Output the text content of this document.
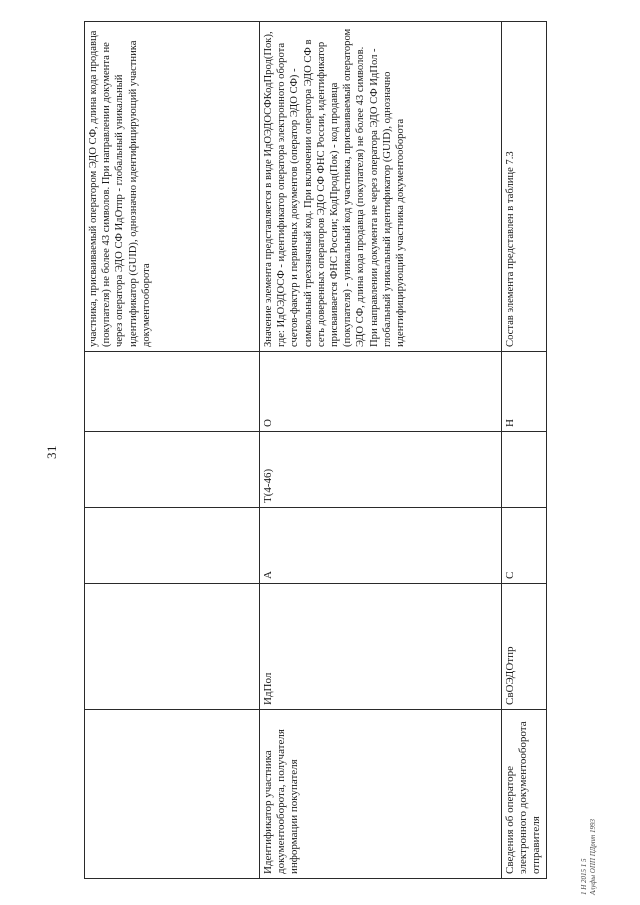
31
					участника, присваиваемый оператором ЭДО СФ, длина кода продавца (покупателя) не более 43 символов. При направлении документа не через оператора ЭДО СФ ИдОтпр - глобальный уникальный идентификатор (GUID), однозначно идентифицирующий участника документооборота
Идентификатор участника документооборота, получателя информации покупателя	ИдПол	А	Т(4-46)	О	Значение элемента представляется в виде ИдОЭДОСФКодПрод(Пок), где: ИдОЭДОСФ - идентификатор оператора электронного оборота счетов-фактур и первичных документов (оператор ЭДО СФ) - символьный трехзначный код. При включении оператора ЭДО СФ в сеть доверенных операторов ЭДО СФ ФНС России, идентификатор присваивается ФНС России; КодПрод(Пок) - код продавца (покупателя) - уникальный код участника, присваиваемый оператором ЭДО СФ, длина кода продавца (покупателя) не более 43 символов. При направлении документа не через оператора ЭДО СФ ИдПол - глобальный уникальный идентификатор (GUID), однозначно идентифицирующий участника документооборота
Сведения об операторе электронного документооборота отправителя	СвОЭДОтпр	С		Н	Состав элемента представлен в таблице 7.3
1 Н 2015 1 5 Алуфы ОПП ПДрпт 1993
